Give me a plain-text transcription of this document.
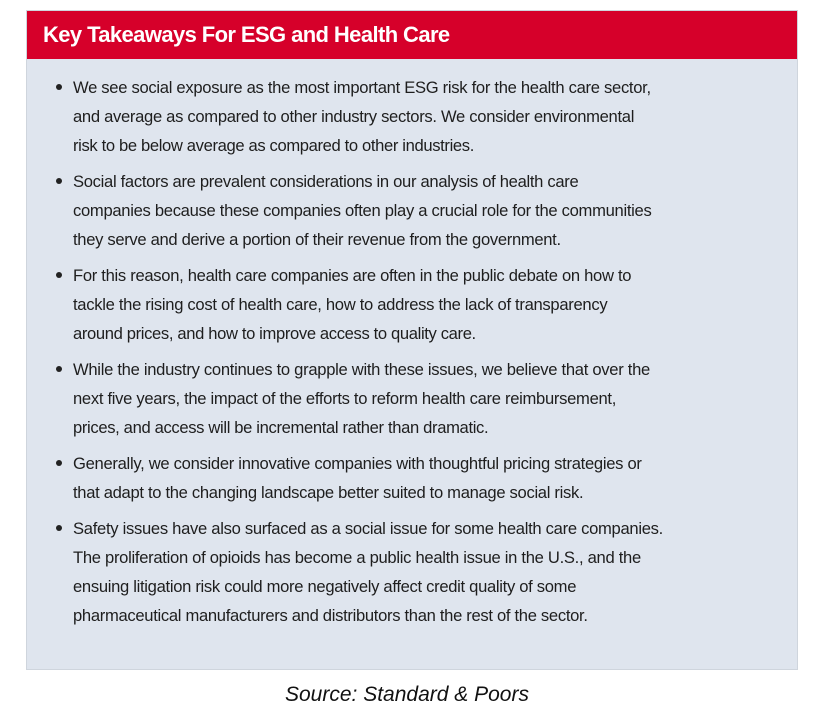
Key Takeaways For ESG and Health Care
We see social exposure as the most important ESG risk for the health care sector,
and average as compared to other industry sectors. We consider environmental
risk to be below average as compared to other industries.
Social factors are prevalent considerations in our analysis of health care
companies because these companies often play a crucial role for the communities
they serve and derive a portion of their revenue from the government.
For this reason, health care companies are often in the public debate on how to
tackle the rising cost of health care, how to address the lack of transparency
around prices, and how to improve access to quality care.
While the industry continues to grapple with these issues, we believe that over the
next five years, the impact of the efforts to reform health care reimbursement,
prices, and access will be incremental rather than dramatic.
Generally, we consider innovative companies with thoughtful pricing strategies or
that adapt to the changing landscape better suited to manage social risk.
Safety issues have also surfaced as a social issue for some health care companies.
The proliferation of opioids has become a public health issue in the U.S., and the
ensuing litigation risk could more negatively affect credit quality of some
pharmaceutical manufacturers and distributors than the rest of the sector.
Source: Standard & Poors
